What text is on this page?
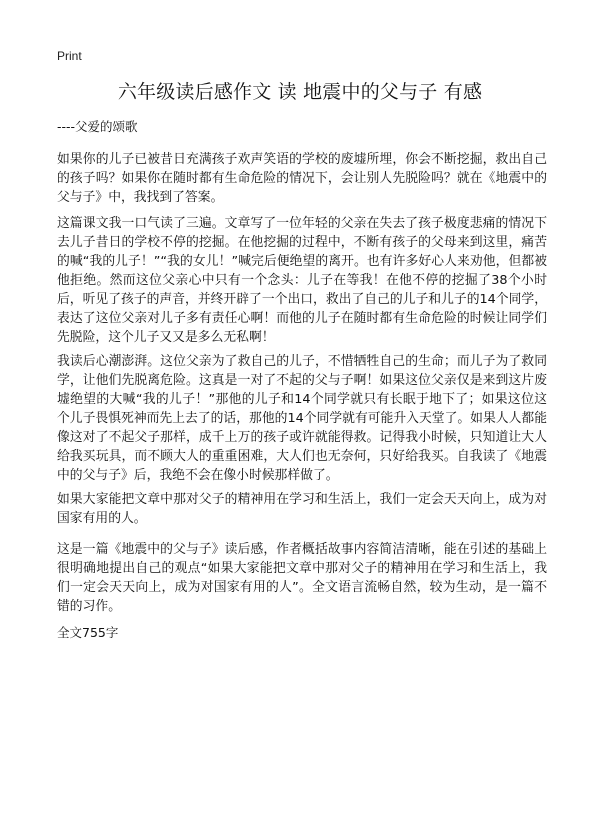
Print
六年级读后感作文 读 地震中的父与子 有感
----父爱的颂歌

如果你的儿子已被昔日充满孩子欢声笑语的学校的废墟所埋，你会不断挖掘，救出自己的孩子吗？如果你在随时都有生命危险的情况下，会让别人先脱险吗？就在《地震中的父与子》中，我找到了答案。

这篇课文我一口气读了三遍。文章写了一位年轻的父亲在失去了孩子极度悲痛的情况下去儿子昔日的学校不停的挖掘。在他挖掘的过程中，不断有孩子的父母来到这里，痛苦的喊“我的儿子！”“我的女儿！”喊完后便绝望的离开。也有许多好心人来劝他，但都被他拒绝。然而这位父亲心中只有一个念头：儿子在等我！在他不停的挖掘了38个小时后，听见了孩子的声音，并终开辟了一个出口，救出了自己的儿子和儿子的14个同学，表达了这位父亲对儿子多有责任心啊！而他的儿子在随时都有生命危险的时候让同学们先脱险，这个儿子又又是多么无私啊！

我读后心潮澎湃。这位父亲为了救自己的儿子，不惜牺牲自己的生命；而儿子为了救同学，让他们先脱离危险。这真是一对了不起的父与子啊！如果这位父亲仅是来到这片废墟绝望的大喊“我的儿子！”那他的儿子和14个同学就只有长眠于地下了；如果这位这个儿子畏惧死神而先上去了的话，那他的14个同学就有可能升入天堂了。如果人人都能像这对了不起父子那样，成千上万的孩子或许就能得救。记得我小时候，只知道让大人给我买玩具，而不顾大人的重重困难，大人们也无奈何，只好给我买。自我读了《地震中的父与子》后，我绝不会在像小时候那样做了。

如果大家能把文章中那对父子的精神用在学习和生活上，我们一定会天天向上，成为对国家有用的人。

这是一篇《地震中的父与子》读后感，作者概括故事内容简洁清晰，能在引述的基础上很明确地提出自己的观点“如果大家能把文章中那对父子的精神用在学习和生活上，我们一定会天天向上，成为对国家有用的人”。全文语言流畅自然，较为生动，是一篇不错的习作。

全文755字
